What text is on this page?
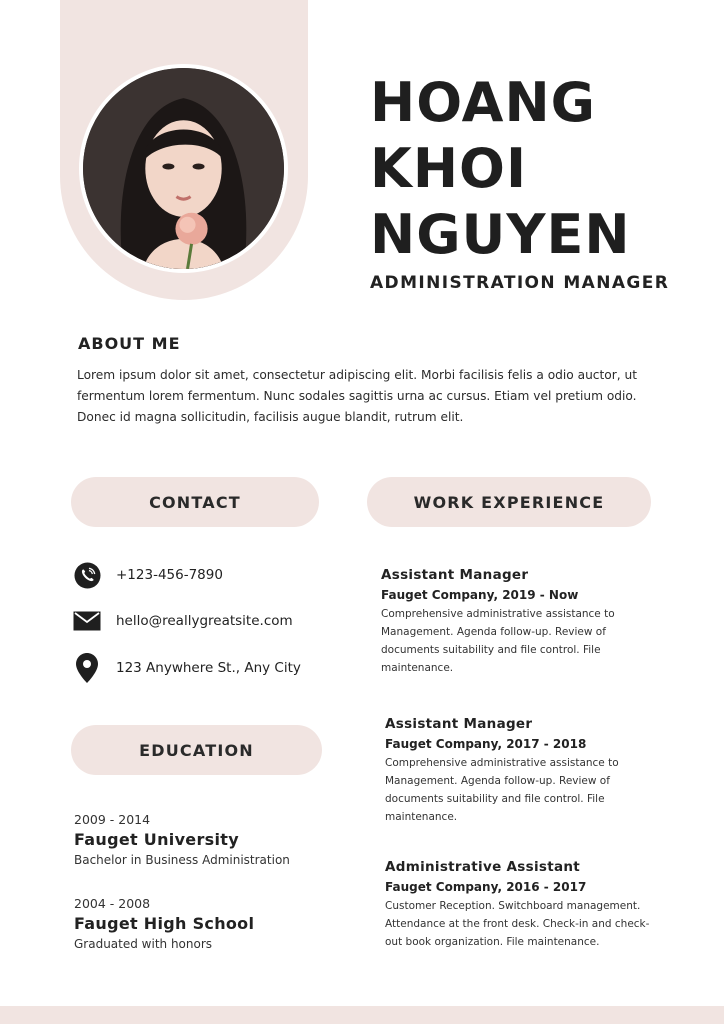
HOANG
KHOI
NGUYEN
ADMINISTRATION MANAGER
ABOUT ME
Lorem ipsum dolor sit amet, consectetur adipiscing elit. Morbi facilisis felis a odio auctor, ut fermentum lorem fermentum. Nunc sodales sagittis urna ac cursus. Etiam vel pretium odio. Donec id magna sollicitudin, facilisis augue blandit, rutrum elit.
CONTACT	WORK EXPERIENCE
EDUCATION
+123-456-7890
hello@reallygreatsite.com
123 Anywhere St., Any City
2009 - 2014
Fauget University
Bachelor in Business Administration
2004 - 2008
Fauget High School
Graduated with honors
Assistant Manager
Fauget Company, 2019 - Now
Comprehensive administrative assistance to Management. Agenda follow-up. Review of documents suitability and file control. File maintenance.
Assistant Manager
Fauget Company, 2017 - 2018
Comprehensive administrative assistance to Management. Agenda follow-up. Review of documents suitability and file control. File maintenance.
Administrative Assistant
Fauget Company, 2016 - 2017
Customer Reception. Switchboard management. Attendance at the front desk. Check-in and check-out book organization. File maintenance.
